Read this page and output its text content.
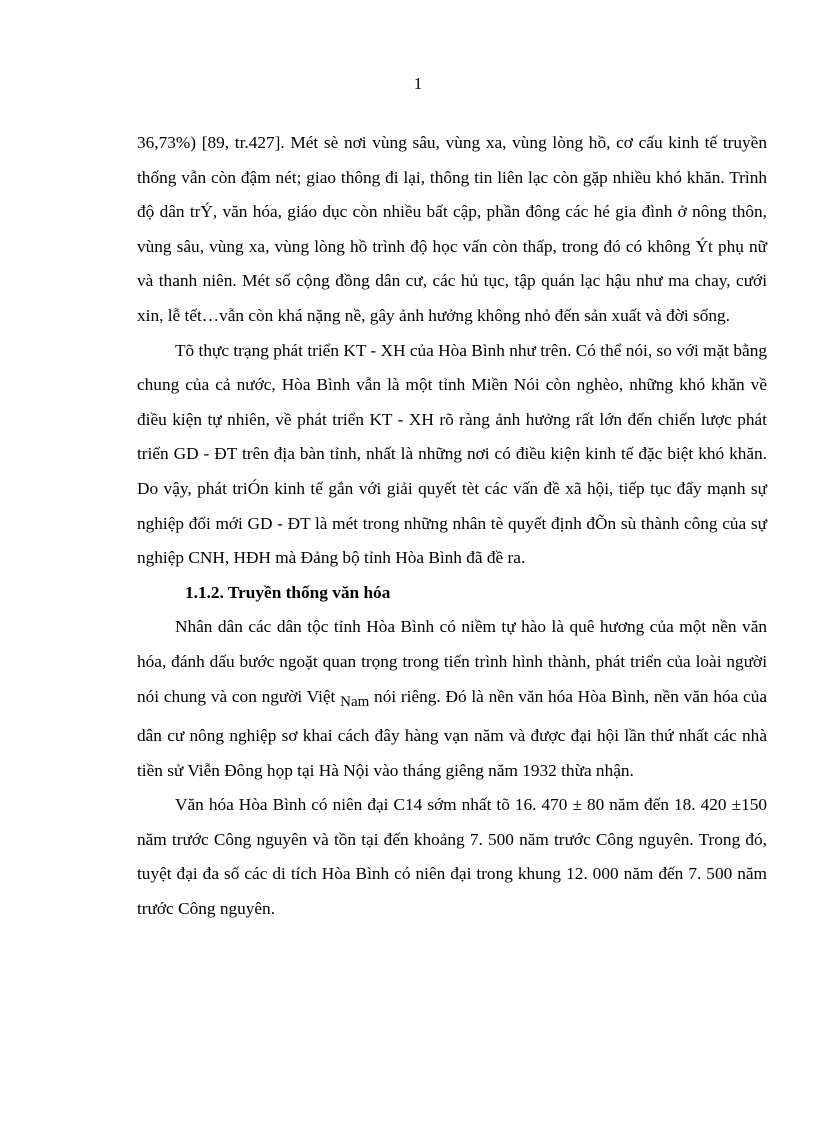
1

36,73%) [89, tr.427]. Mét sè nơi vùng sâu, vùng xa, vùng lòng hồ, cơ cấu kinh tế truyền thống vẫn còn đậm nét; giao thông đi lại, thông tin liên lạc còn gặp nhiều khó khăn. Trình độ dân trÝ, văn hóa, giáo dục còn nhiều bất cập, phần đông các hé gia đình ở nông thôn, vùng sâu, vùng xa, vùng lòng hồ trình độ học vấn còn thấp, trong đó có không Ýt phụ nữ và thanh niên. Mét số cộng đồng dân cư, các hủ tục, tập quán lạc hậu như ma chay, cưới xin, lễ tết…vẫn còn khá nặng nề, gây ảnh hưởng không nhỏ đến sản xuất và đời sống.

Tõ thực trạng phát triển KT - XH của Hòa Bình như trên. Có thể nói, so với mặt bằng chung của cả nước, Hòa Bình vẫn là một tỉnh Miền Nói còn nghèo, những khó khăn về điều kiện tự nhiên, về phát triển KT - XH rõ ràng ảnh hưởng rất lớn đến chiến lược phát triển GD - ĐT trên địa bàn tỉnh, nhất là những nơi có điều kiện kinh tế đặc biệt khó khăn. Do vậy, phát triÓn kinh tế gắn với giải quyết tèt các vấn đề xã hội, tiếp tục đẩy mạnh sự nghiệp đổi mới GD - ĐT là mét trong những nhân tè quyết định đÕn sù thành công của sự nghiệp CNH, HĐH mà Đảng bộ tỉnh Hòa Bình đã đề ra.

1.1.2. Truyền thống văn hóa

Nhân dân các dân tộc tỉnh Hòa Bình có niềm tự hào là quê hương của một nền văn hóa, đánh dấu bước ngoặt quan trọng trong tiến trình hình thành, phát triển của loài người nói chung và con người Việt Nam nói riêng. Đó là nền văn hóa Hòa Bình, nền văn hóa của dân cư nông nghiệp sơ khai cách đây hàng vạn năm và được đại hội lần thứ nhất các nhà tiền sử Viễn Đông họp tại Hà Nội vào tháng giêng năm 1932 thừa nhận.

Văn hóa Hòa Bình có niên đại C14 sớm nhất tõ 16. 470 ± 80 năm đến 18. 420 ±150 năm trước Công nguyên và tồn tại đến khoảng 7. 500 năm trước Công nguyên. Trong đó, tuyệt đại đa số các di tích Hòa Bình có niên đại trong khung 12. 000 năm đến 7. 500 năm trước Công nguyên.
